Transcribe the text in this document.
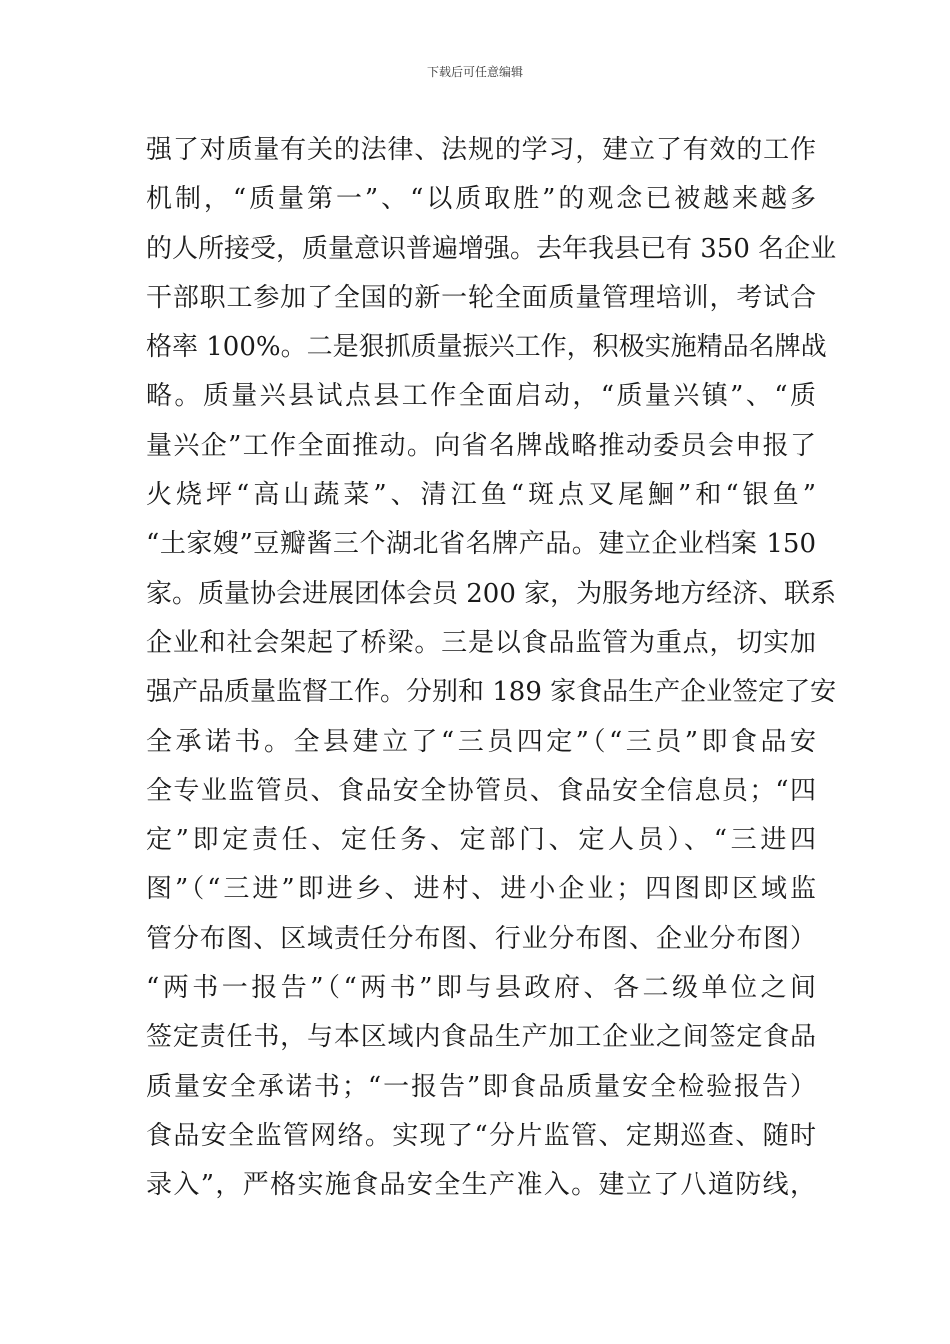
下载后可任意编辑
强了对质量有关的法律、法规的学习，建立了有效的工作
机制，“质量第一”、“以质取胜”的观念已被越来越多
的人所接受，质量意识普遍增强。去年我县已有 350 名企业
干部职工参加了全国的新一轮全面质量管理培训，考试合
格率 100%。二是狠抓质量振兴工作，积极实施精品名牌战
略。质量兴县试点县工作全面启动，“质量兴镇”、“质
量兴企”工作全面推动。向省名牌战略推动委员会申报了
火烧坪“高山蔬菜”、清江鱼“斑点叉尾鮰”和“银鱼”
“土家嫂”豆瓣酱三个湖北省名牌产品。建立企业档案 150
家。质量协会进展团体会员 200 家，为服务地方经济、联系
企业和社会架起了桥梁。三是以食品监管为重点，切实加
强产品质量监督工作。分别和 189 家食品生产企业签定了安
全承诺书。全县建立了“三员四定”（“三员”即食品安
全专业监管员、食品安全协管员、食品安全信息员；“四
定”即定责任、定任务、定部门、定人员）、“三进四
图”（“三进”即进乡、进村、进小企业；四图即区域监
管分布图、区域责任分布图、行业分布图、企业分布图）
“两书一报告”（“两书”即与县政府、各二级单位之间
签定责任书，与本区域内食品生产加工企业之间签定食品
质量安全承诺书；“一报告”即食品质量安全检验报告）
食品安全监管网络。实现了“分片监管、定期巡查、随时
录入”，严格实施食品安全生产准入。建立了八道防线，
